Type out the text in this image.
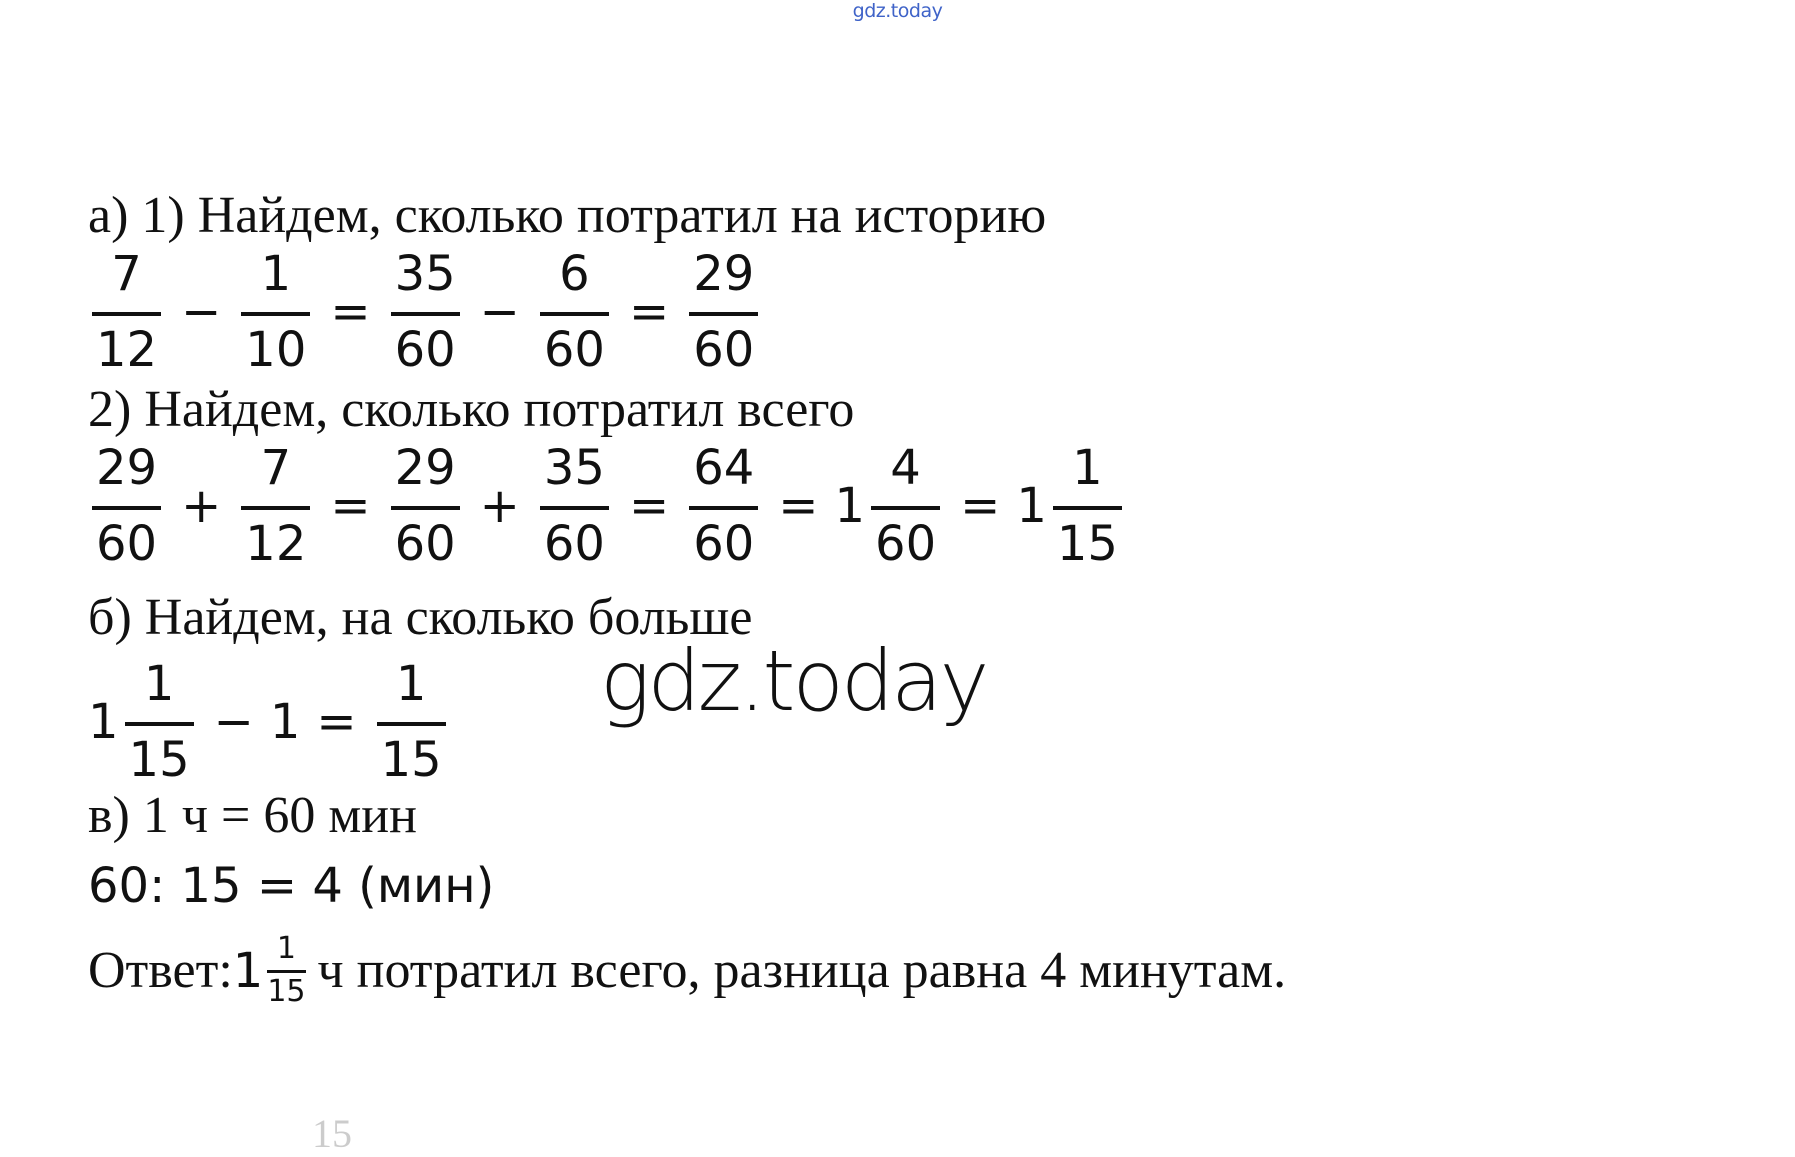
gdz.today
а) 1) Найдем, сколько потратил на историю
$\frac{7}{12} - \frac{1}{10} = \frac{35}{60} - \frac{6}{60} = \frac{29}{60}$
2) Найдем, сколько потратил всего
$\frac{29}{60} + \frac{7}{12} = \frac{29}{60} + \frac{35}{60} = \frac{64}{60} = 1 \frac{4}{60} = 1 \frac{1}{15}$
б) Найдем, на сколько больше
$1 \frac{1}{15} - 1 = \frac{1}{15}$ gdz.today
в) 1 ч = 60 мин
60: 15 = 4 (мин)
Ответ: $1 \frac{1}{15}$ ч потратил всего, разница равна 4 минутам.
15
